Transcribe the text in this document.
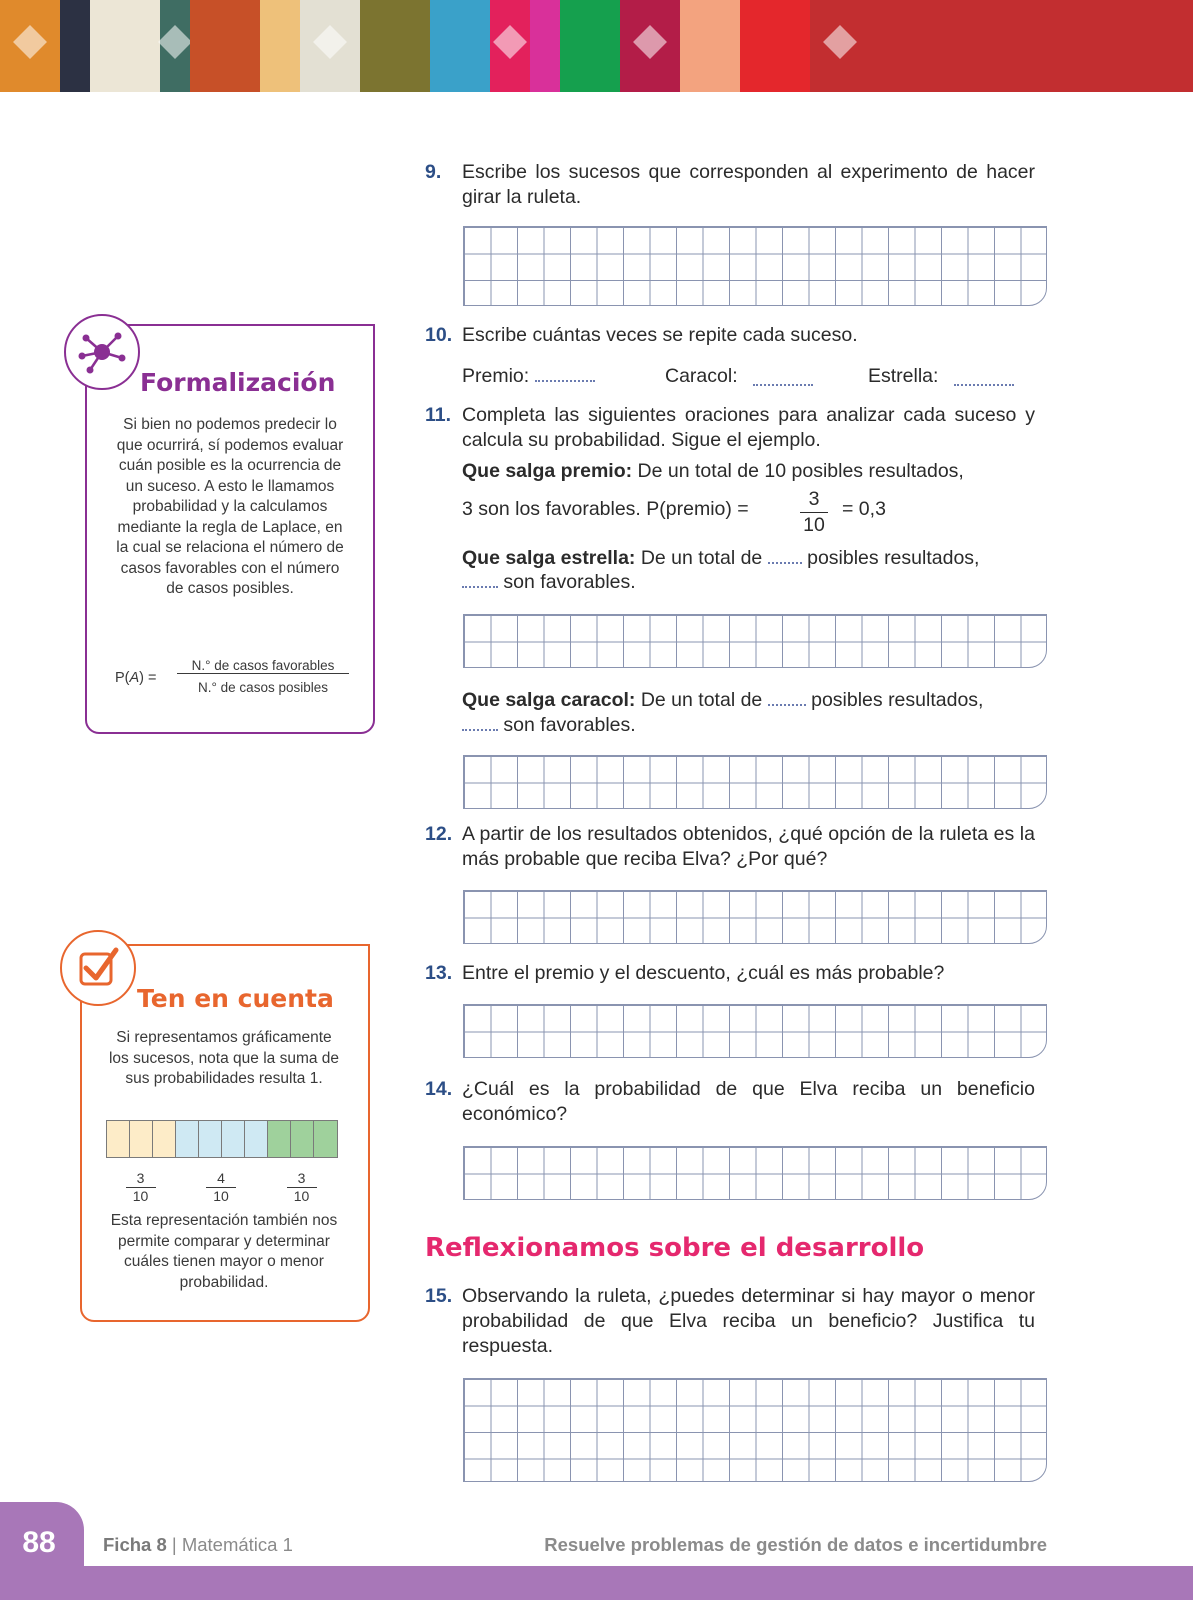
Formalización
Si bien no podemos predecir lo que ocurrirá, sí podemos evaluar cuán posible es la ocurrencia de un suceso. A esto le llamamos probabilidad y la calculamos mediante la regla de Laplace, en la cual se relaciona el número de casos favorables con el número de casos posibles.
P(A) =
N.° de casos favorables
N.° de casos posibles
Ten en cuenta
Si representamos gráficamente los sucesos, nota que la suma de sus probabilidades resulta 1.
$\frac{3}{10}$	$\frac{4}{10}$	$\frac{3}{10}$
Esta representación también nos permite comparar y determinar cuáles tienen mayor o menor probabilidad.
9. Escribe los sucesos que corresponden al experimento de hacer girar la ruleta.
10. Escribe cuántas veces se repite cada suceso.
Premio:	Caracol:	Estrella:
11. Completa las siguientes oraciones para analizar cada suceso y calcula su probabilidad. Sigue el ejemplo.
Que salga premio: De un total de 10 posibles resultados,
3 son los favorables. P(premio) =	3
10
= 0,3
Que salga estrella: De un total de  posibles resultados,
son favorables.
Que salga caracol: De un total de  posibles resultados,
son favorables.
12. A partir de los resultados obtenidos, ¿qué opción de la ruleta es la más probable que reciba Elva? ¿Por qué?
13. Entre el premio y el descuento, ¿cuál es más probable?
14. ¿Cuál es la probabilidad de que Elva reciba un beneficio económico?
Reflexionamos sobre el desarrollo
15. Observando la ruleta, ¿puedes determinar si hay mayor o menor probabilidad de que Elva reciba un beneficio? Justifica tu respuesta.
88	Ficha 8 | Matemática 1	Resuelve problemas de gestión de datos e incertidumbre
